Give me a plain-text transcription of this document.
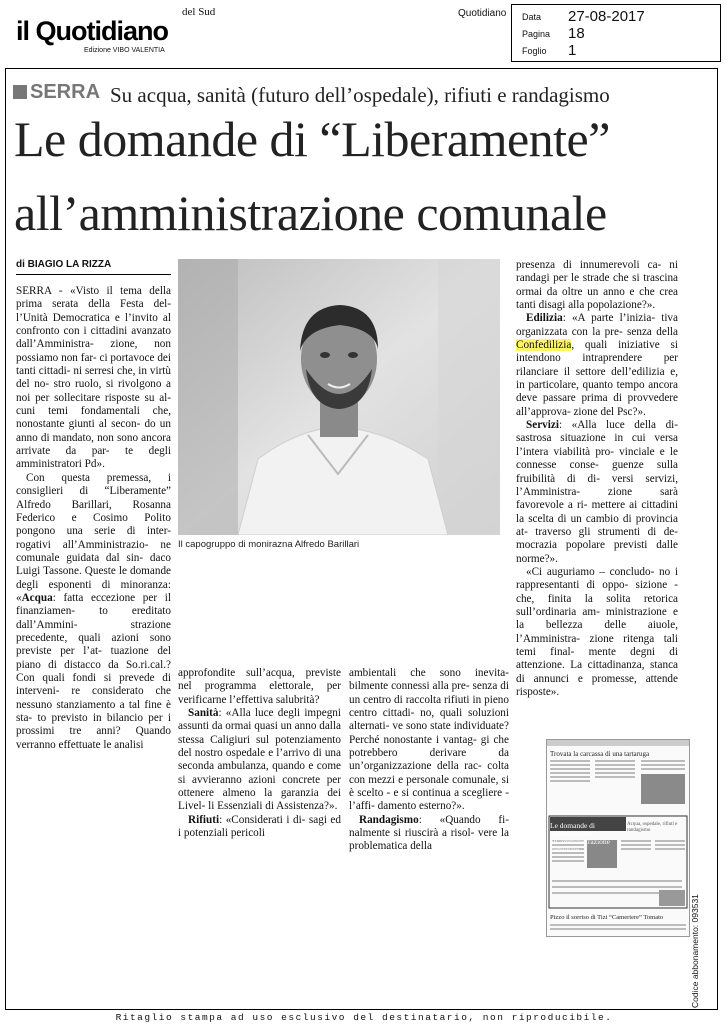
del Sud
il Quotidiano
Edizione VIBO VALENTIA
Quotidiano Data 27-08-2017
Pagina 18
Foglio 1
SERRA Su acqua, sanità (futuro dell’ospedale), rifiuti e randagismo
Le domande di “Liberamente”
all’amministrazione comunale
di BIAGIO LA RIZZA

SERRA - «Visto il tema della prima serata della Festa del- l’Unità Democratica e l’invito al confronto con i cittadini avanzato dall’Amministra- zione, non possiamo non far- ci portavoce dei tanti cittadi- ni serresi che, in virtù del no- stro ruolo, si rivolgono a noi per sollecitare risposte su al- cuni temi fondamentali che, nonostante giunti al secon- do un anno di mandato, non sono ancora arrivate da par- te degli amministratori Pd».

Con questa premessa, i consiglieri di “Liberamente” Alfredo Barillari, Rosanna Federico e Cosimo Polito pongono una serie di inter- rogativi all’Amministrazio- ne comunale guidata dal sin- daco Luigi Tassone. Queste le domande degli esponenti di minoranza: «Acqua: fatta eccezione per il finanziamen- to ereditato dall’Ammini- strazione precedente, quali azioni sono previste per l’at- tuazione del piano di distacco da So.ri.cal.? Con quali fondi si prevede di interveni- re considerato che nessuno stanziamento a tal fine è sta- to previsto in bilancio per i prossimi tre anni? Quando verranno effettuate le analisi

Il capogruppo di monirazna Alfredo Barillari

approfondite sull’acqua, previste nel programma elettorale, per verificarne l’effettiva salubrità?

Sanità: «Alla luce degli impegni assunti da ormai quasi un anno dalla stessa Caligiuri sul potenziamento del nostro ospedale e l’arrivo di una seconda ambulanza, quando e come si avvieranno azioni concrete per ottenere almeno la garanzia dei Livel- li Essenziali di Assistenza?».

Rifiuti: «Considerati i di- sagi ed i potenziali pericoli

ambientali che sono inevita- bilmente connessi alla pre- senza di un centro di raccolta rifiuti in pieno centro cittadi- no, quali soluzioni alternati- ve sono state individuate? Perché nonostante i vantag- gi che potrebbero derivare da un’organizzazione della rac- colta con mezzi e personale comunale, si è scelto - e si continua a scegliere - l’affi- damento esterno?».

Randagismo: «Quando fi- nalmente si riuscirà a risol- vere la problematica della

presenza di innumerevoli ca- ni randagi per le strade che si trascina ormai da oltre un anno e che crea tanti disagi alla popolazione?».

Edilizia: «A parte l’inizia- tiva organizzata con la pre- senza della Confedilizia, quali iniziative si intendono intraprendere per rilanciare il settore dell’edilizia e, in particolare, quanto tempo ancora deve passare prima di provvedere all’approva- zione del Psc?».

Servizi: «Alla luce della di- sastrosa situazione in cui versa l’intera viabilità pro- vinciale e le connesse conse- guenze sulla fruibilità di di- versi servizi, l’Amministra- zione sarà favorevole a ri- mettere ai cittadini la scelta di un cambio di provincia at- traverso gli strumenti di de- mocrazia popolare previsti dalle norme?».

«Ci auguriamo – concludo- no i rappresentanti di oppo- sizione - che, finita la solita retorica sull’ordinaria am- ministrazione e la bellezza delle aiuole, l’Amministra- zione ritenga tali temi final- mente degni di attenzione. La cittadinanza, stanca di annunci e promesse, attende risposte».

Trovata la carcassa di una tartaruga
Le domande di “Liberamente” all’amministrazione comunale
Acqua, ospedale, rifiuti e randagismo
Pizzo il sorriso di Tizi “Cameriere” Tomato	Codice abbonamento: 093531
Ritaglio stampa ad uso esclusivo del destinatario, non riproducibile.
